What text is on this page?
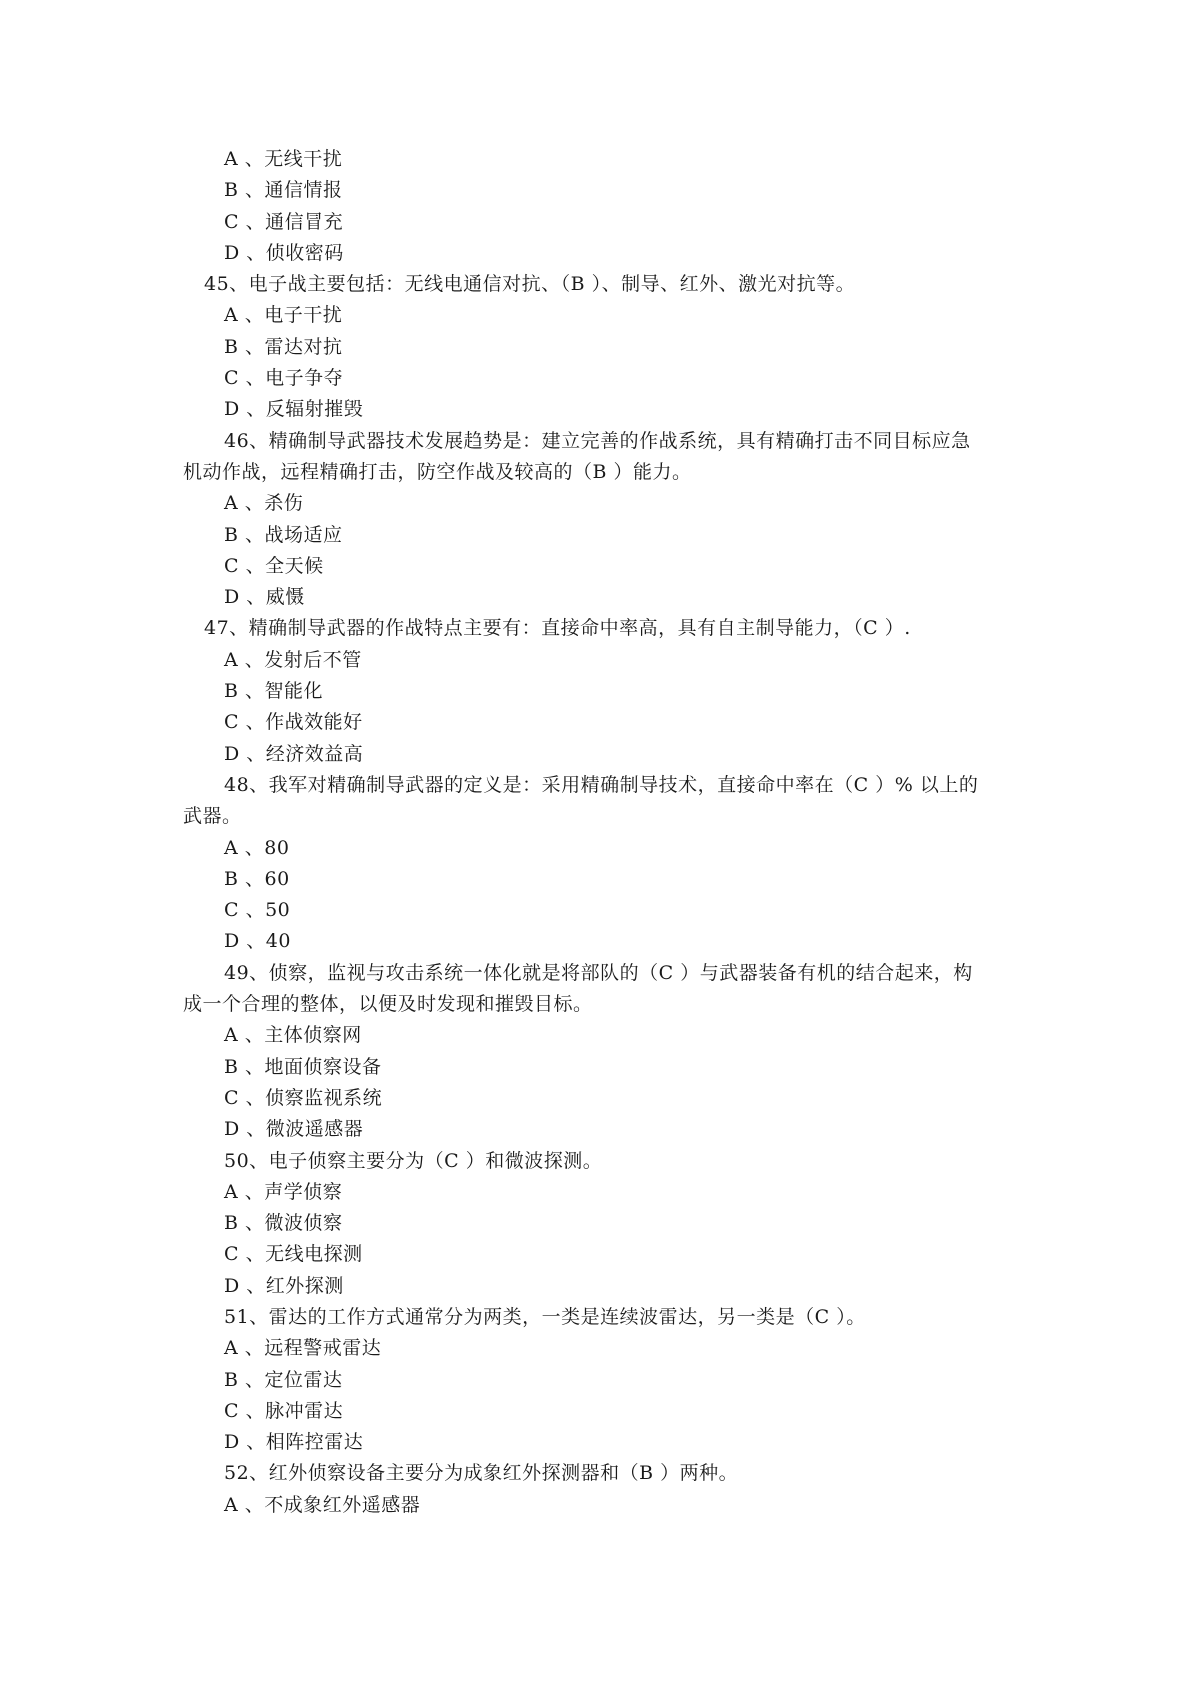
A 、无线干扰
B 、通信情报
C 、通信冒充
D 、侦收密码
45、电子战主要包括：无线电通信对抗、（B ）、制导、红外、激光对抗等。
A 、电子干扰
B 、雷达对抗
C 、电子争夺
D 、反辐射摧毁
46、精确制导武器技术发展趋势是：建立完善的作战系统，具有精确打击不同目标应急
机动作战，远程精确打击，防空作战及较高的（B ）能力。
A 、杀伤
B 、战场适应
C 、全天候
D 、威慑
47、精确制导武器的作战特点主要有：直接命中率高，具有自主制导能力，（C ）.
A 、发射后不管
B 、智能化
C 、作战效能好
D 、经济效益高
48、我军对精确制导武器的定义是：采用精确制导技术，直接命中率在（C ）% 以上的
武器。
A 、80
B 、60
C 、50
D 、40
49、侦察，监视与攻击系统一体化就是将部队的（C ）与武器装备有机的结合起来，构
成一个合理的整体，以便及时发现和摧毁目标。
A 、主体侦察网
B 、地面侦察设备
C 、侦察监视系统
D 、微波遥感器
50、电子侦察主要分为（C ）和微波探测。
A 、声学侦察
B 、微波侦察
C 、无线电探测
D 、红外探测
51、雷达的工作方式通常分为两类，一类是连续波雷达，另一类是（C ）。
A 、远程警戒雷达
B 、定位雷达
C 、脉冲雷达
D 、相阵控雷达
52、红外侦察设备主要分为成象红外探测器和（B ）两种。
A 、不成象红外遥感器
